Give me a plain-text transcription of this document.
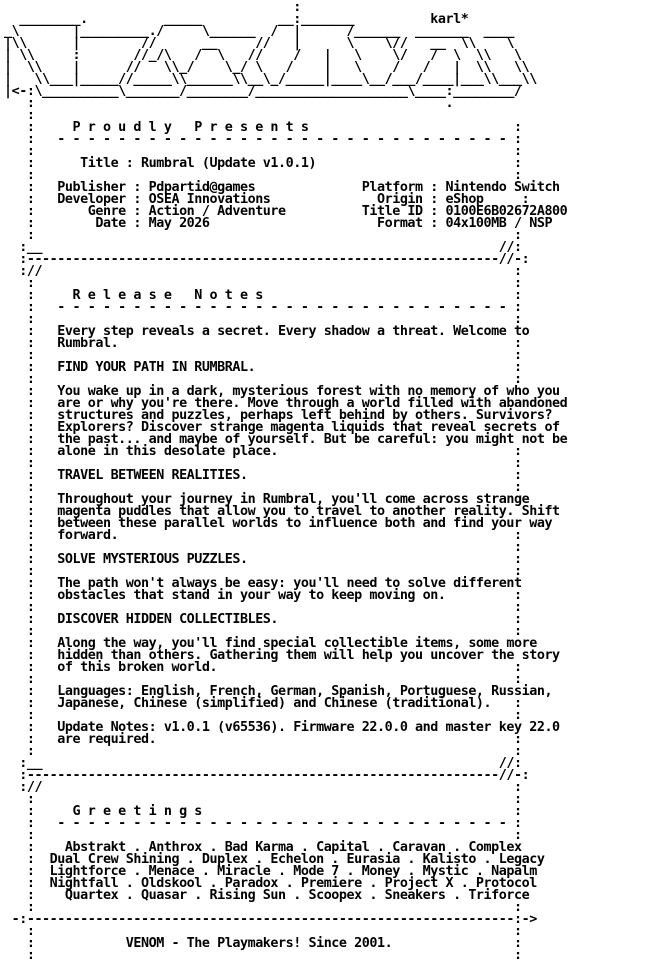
:
________.          _____          __:_______          karl*
_\       |_________./     \______  /  |      /______  _______  ____
|\\      |        //      __     //   |      \    \//   __  \\    \
| \\     :       //_/\   /  \   //    /   |   \    \/   /  \  \\   \
|  \\    |      //   \\_/    \_/ \   /    |   \    /   /   |  \\   \\
|   \\___|_____//_____\\______\\__\_/_____|____\__/___/____|___\\___\\
|<-:\__________\_______/________/____________________\____:________/
:                                                      .
:
:     P r o u d l y   P r e s e n t s                           :
:   - - - - - - - - - - - - - - - - - - - - - - - - - - - - - - :
:                                                               :
:      Title : Rumbral (Update v1.0.1)                          :
:                                                               :
:   Publisher : Pdpartid@games              Platform : Nintendo Switch
:   Developer : OSEA Innovations              Origin : eShop     :
:       Genre : Action / Adventure          Title ID : 0100E6B02672A800
:        Date : May 2026                      Format : 04x100MB / NSP
:                                                               :
:__                                                            //:
:--------------------------------------------------------------//-:
://                                                              :
:                                                               :
:     R e l e a s e   N o t e s                                 :
:   - - - - - - - - - - - - - - - - - - - - - - - - - - - - - - :
:                                                               :
:   Every step reveals a secret. Every shadow a threat. Welcome to
:   Rumbral.                                                    :
:                                                               :
:   FIND YOUR PATH IN RUMBRAL.                                  :
:                                                               :
:   You wake up in a dark, mysterious forest with no memory of who you
:   are or why you're there. Move through a world filled with abandoned
:   structures and puzzles, perhaps left behind by others. Survivors?
:   Explorers? Discover strange magenta liquids that reveal secrets of
:   the past... and maybe of yourself. But be careful: you might not be
:   alone in this desolate place.                               :
:                                                               :
:   TRAVEL BETWEEN REALITIES.                                   :
:                                                               :
:   Throughout your journey in Rumbral, you'll come across strange
:   magenta puddles that allow you to travel to another reality. Shift
:   between these parallel worlds to influence both and find your way
:   forward.                                                    :
:                                                               :
:   SOLVE MYSTERIOUS PUZZLES.                                   :
:                                                               :
:   The path won't always be easy: you'll need to solve different
:   obstacles that stand in your way to keep moving on.         :
:                                                               :
:   DISCOVER HIDDEN COLLECTIBLES.                               :
:                                                               :
:   Along the way, you'll find special collectible items, some more
:   hidden than others. Gathering them will help you uncover the story
:   of this broken world.                                       :
:                                                               :
:   Languages: English, French, German, Spanish, Portuguese, Russian,
:   Japanese, Chinese (simplified) and Chinese (traditional).   :
:                                                               :
:   Update Notes: v1.0.1 (v65536). Firmware 22.0.0 and master key 22.0
:   are required.                                               :
:                                                               :
:__                                                            //:
:--------------------------------------------------------------//-:
://                                                              :
:                                                               :
:     G r e e t i n g s                                         :
:   - - - - - - - - - - - - - - - - - - - - - - - - - - - - - - :
:                                                               :
:    Abstrakt . Anthrox . Bad Karma . Capital . Caravan . Complex
:  Dual Crew Shining . Duplex . Echelon . Eurasia . Kalisto . Legacy
:  Lightforce . Menace . Miracle . Mode 7 . Money . Mystic . Napalm
:  Nightfall . Oldskool . Paradox . Premiere . Project X . Protocol
:    Quartex . Quasar . Rising Sun . Scoopex . Sneakers . Triforce
:                                                               :
-:----------------------------------------------------------------:->
:                                                               :
:            VENOM - The Playmakers! Since 2001.                :
:                                                               :
